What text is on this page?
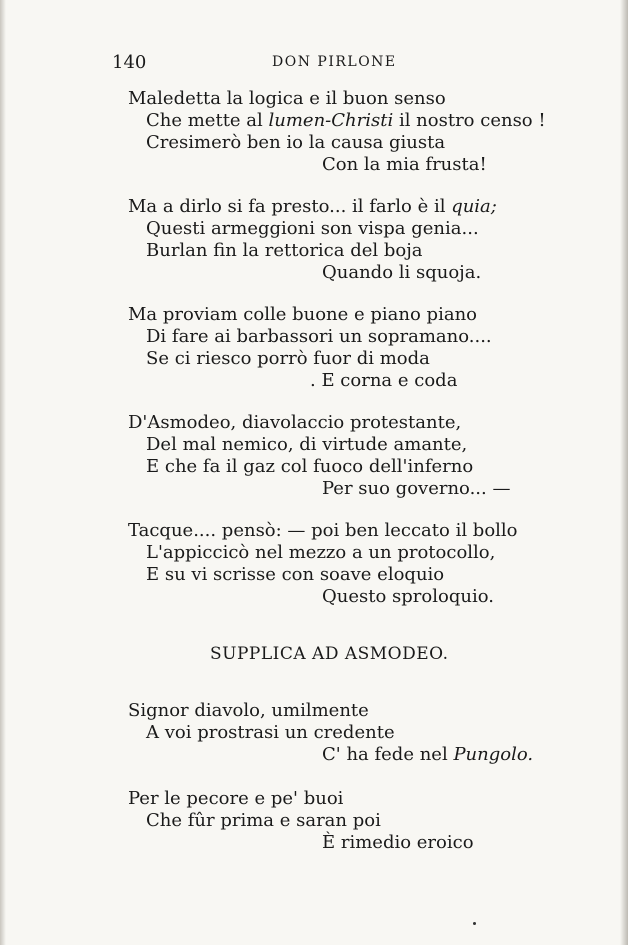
140	DON PIRLONE
Maledetta la logica e il buon senso
Che mette al lumen-Christi il nostro censo !
Cresimerò ben io la causa giusta
Con la mia frusta!
Ma a dirlo si fa presto... il farlo è il quia;
Questi armeggioni son vispa genia...
Burlan fin la rettorica del boja
Quando li squoja.
Ma proviam colle buone e piano piano
Di fare ai barbassori un sopramano....
Se ci riesco porrò fuor di moda
. E corna e coda
D'Asmodeo, diavolaccio protestante,
Del mal nemico, di virtude amante,
E che fa il gaz col fuoco dell'inferno
Per suo governo... —
Tacque.... pensò: — poi ben leccato il bollo
L'appiccicò nel mezzo a un protocollo,
E su vi scrisse con soave eloquio
Questo sproloquio.
SUPPLICA AD ASMODEO.
Signor diavolo, umilmente
A voi prostrasi un credente
C' ha fede nel Pungolo.
Per le pecore e pe' buoi
Che fûr prima e saran poi
È rimedio eroico
